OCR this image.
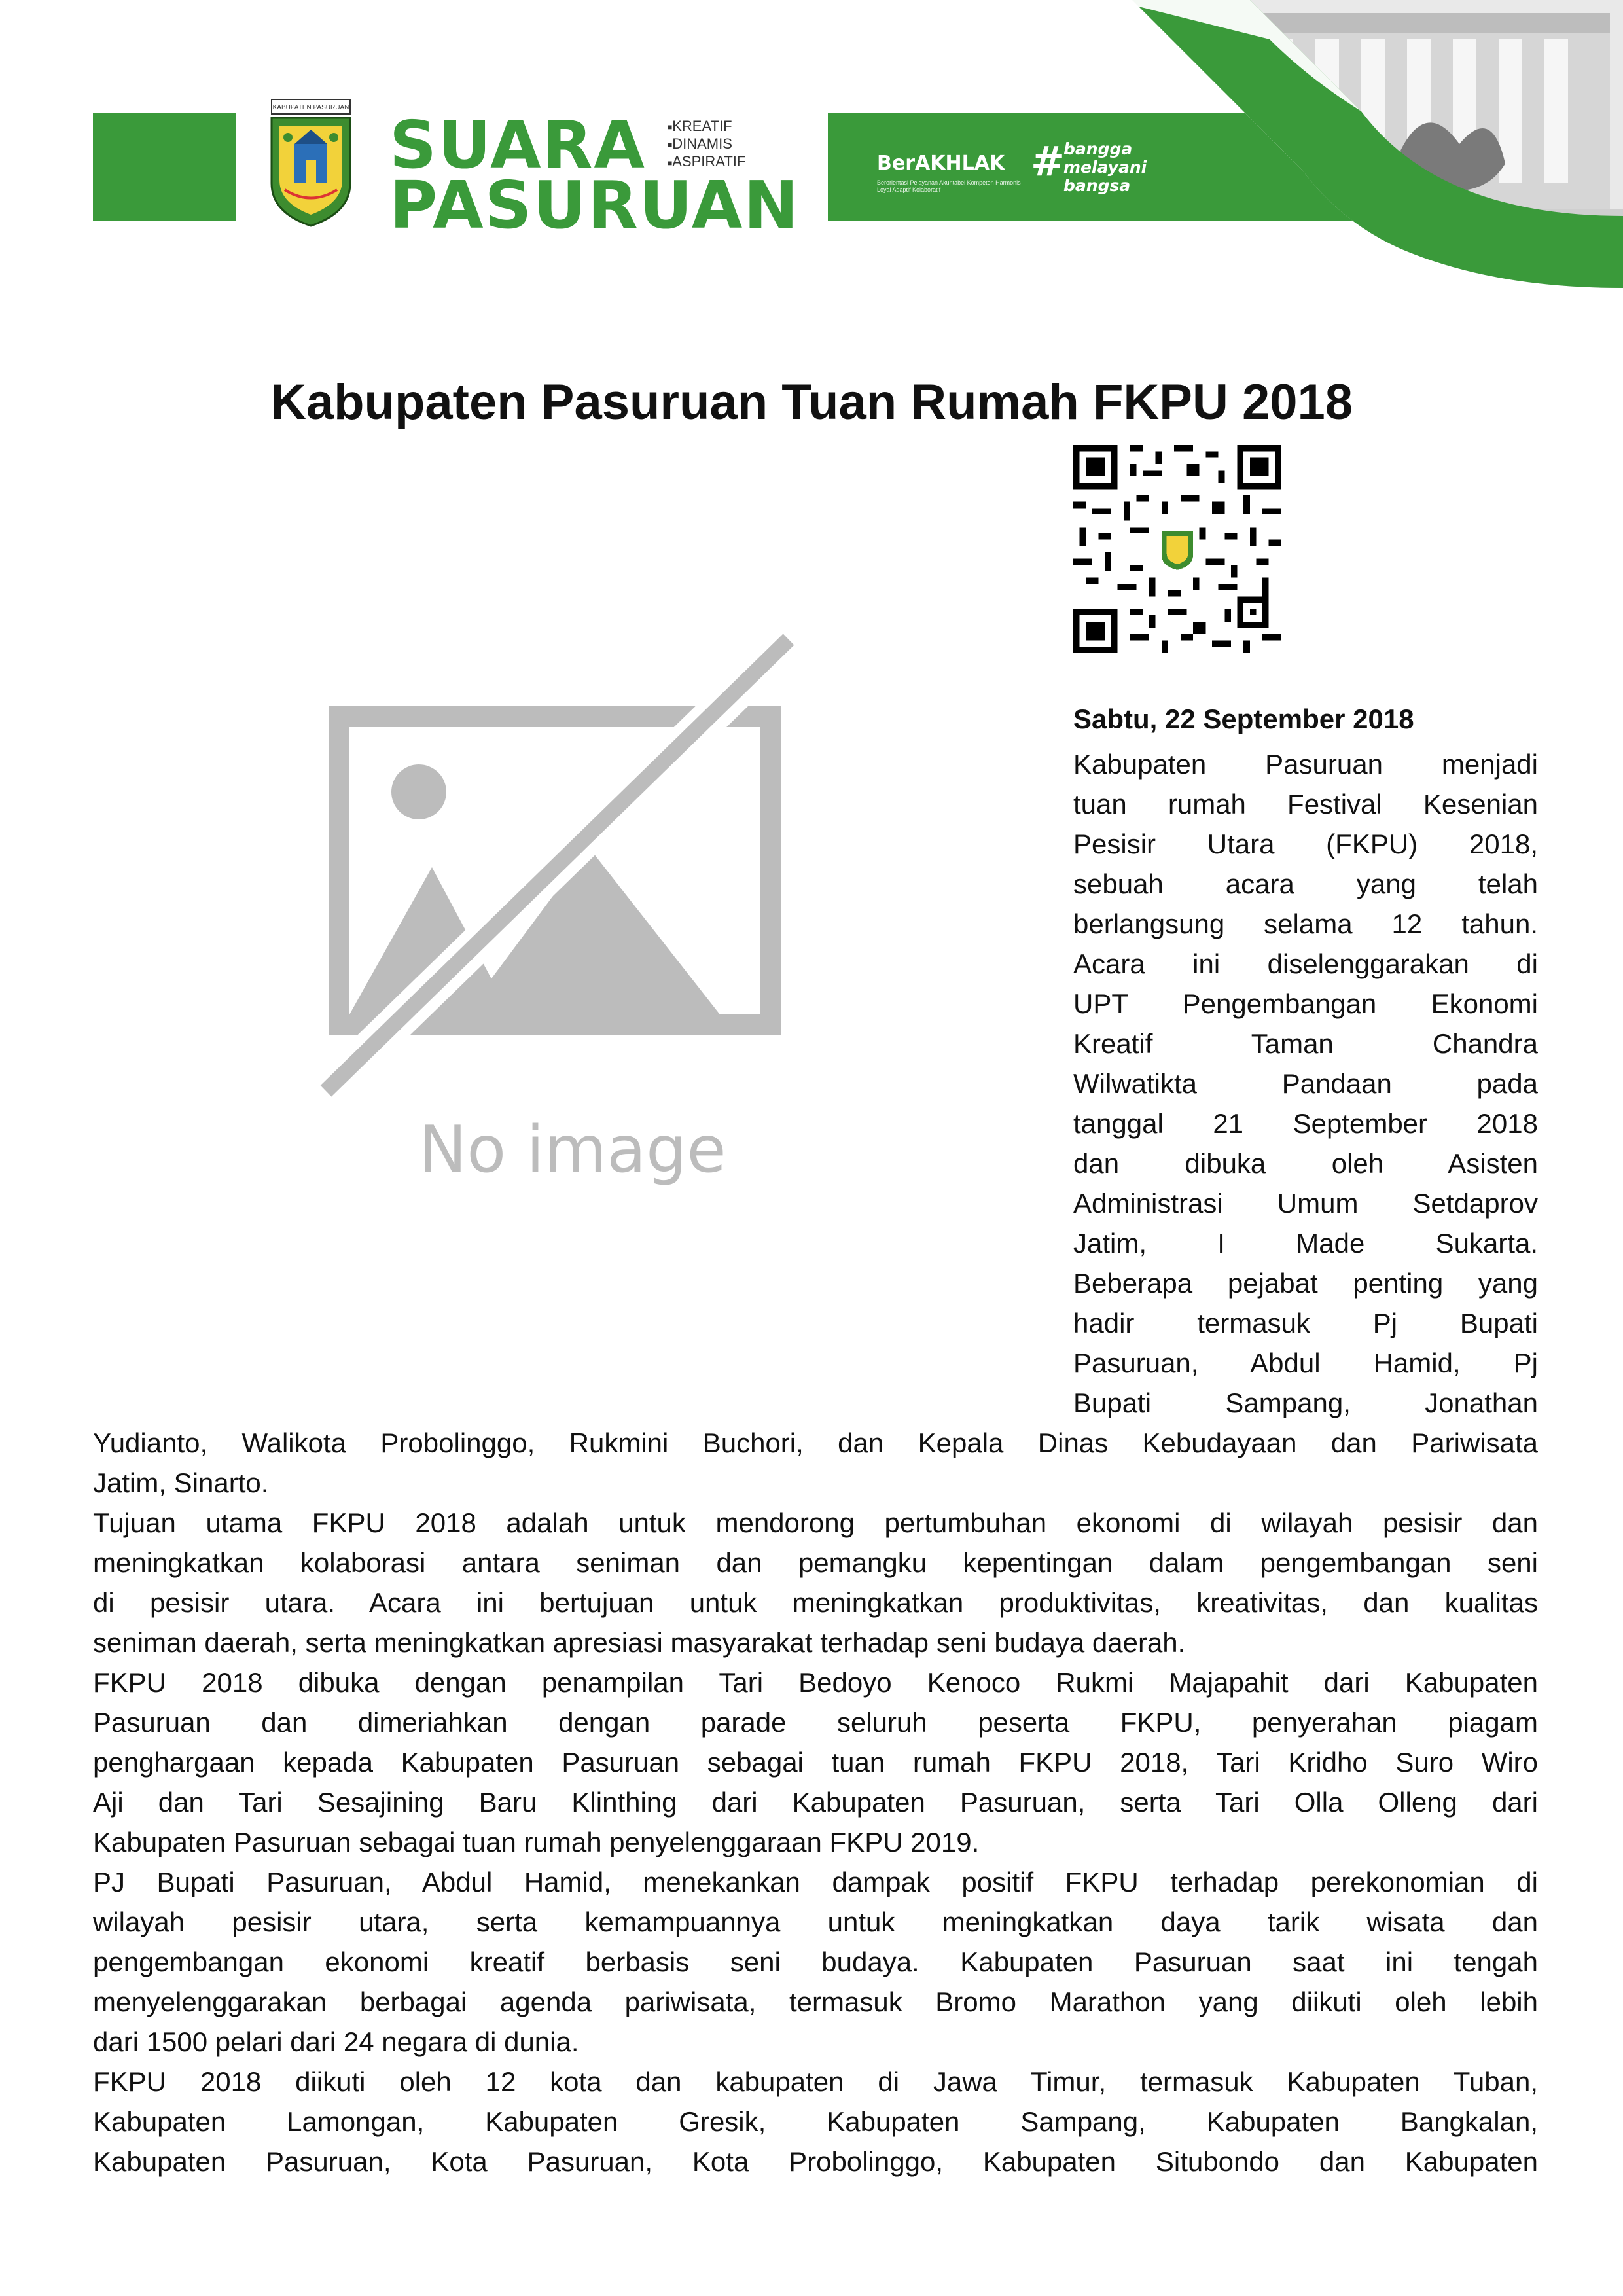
KABUPATEN PASURUAN SUARA
PASURUAN
■ KREATIF
■ DINAMIS
■ ASPIRATIF	BerAKHLAK
Berorientasi Pelayanan Akuntabel Kompeten Harmonis Loyal Adaptif Kolaboratif
#
bangga
melayani
bangsa
Kabupaten Pasuruan Tuan Rumah FKPU 2018
No image
Sabtu, 22 September 2018
Kabupaten Pasuruan menjadi
tuan rumah Festival Kesenian
Pesisir Utara (FKPU) 2018,
sebuah acara yang telah
berlangsung selama 12 tahun.
Acara ini diselenggarakan di
UPT Pengembangan Ekonomi
Kreatif Taman Chandra
Wilwatikta Pandaan pada
tanggal 21 September 2018
dan dibuka oleh Asisten
Administrasi Umum Setdaprov
Jatim, I Made Sukarta.
Beberapa pejabat penting yang
hadir termasuk Pj Bupati
Pasuruan, Abdul Hamid, Pj
Bupati Sampang, Jonathan
Yudianto, Walikota Probolinggo, Rukmini Buchori, dan Kepala Dinas Kebudayaan dan Pariwisata
Jatim, Sinarto.
Tujuan utama FKPU 2018 adalah untuk mendorong pertumbuhan ekonomi di wilayah pesisir dan
meningkatkan kolaborasi antara seniman dan pemangku kepentingan dalam pengembangan seni
di pesisir utara. Acara ini bertujuan untuk meningkatkan produktivitas, kreativitas, dan kualitas
seniman daerah, serta meningkatkan apresiasi masyarakat terhadap seni budaya daerah.
FKPU 2018 dibuka dengan penampilan Tari Bedoyo Kenoco Rukmi Majapahit dari Kabupaten
Pasuruan dan dimeriahkan dengan parade seluruh peserta FKPU, penyerahan piagam
penghargaan kepada Kabupaten Pasuruan sebagai tuan rumah FKPU 2018, Tari Kridho Suro Wiro
Aji dan Tari Sesajining Baru Klinthing dari Kabupaten Pasuruan, serta Tari Olla Olleng dari
Kabupaten Pasuruan sebagai tuan rumah penyelenggaraan FKPU 2019.
PJ Bupati Pasuruan, Abdul Hamid, menekankan dampak positif FKPU terhadap perekonomian di
wilayah pesisir utara, serta kemampuannya untuk meningkatkan daya tarik wisata dan
pengembangan ekonomi kreatif berbasis seni budaya. Kabupaten Pasuruan saat ini tengah
menyelenggarakan berbagai agenda pariwisata, termasuk Bromo Marathon yang diikuti oleh lebih
dari 1500 pelari dari 24 negara di dunia.
FKPU 2018 diikuti oleh 12 kota dan kabupaten di Jawa Timur, termasuk Kabupaten Tuban,
Kabupaten Lamongan, Kabupaten Gresik, Kabupaten Sampang, Kabupaten Bangkalan,
Kabupaten Pasuruan, Kota Pasuruan, Kota Probolinggo, Kabupaten Situbondo dan Kabupaten
